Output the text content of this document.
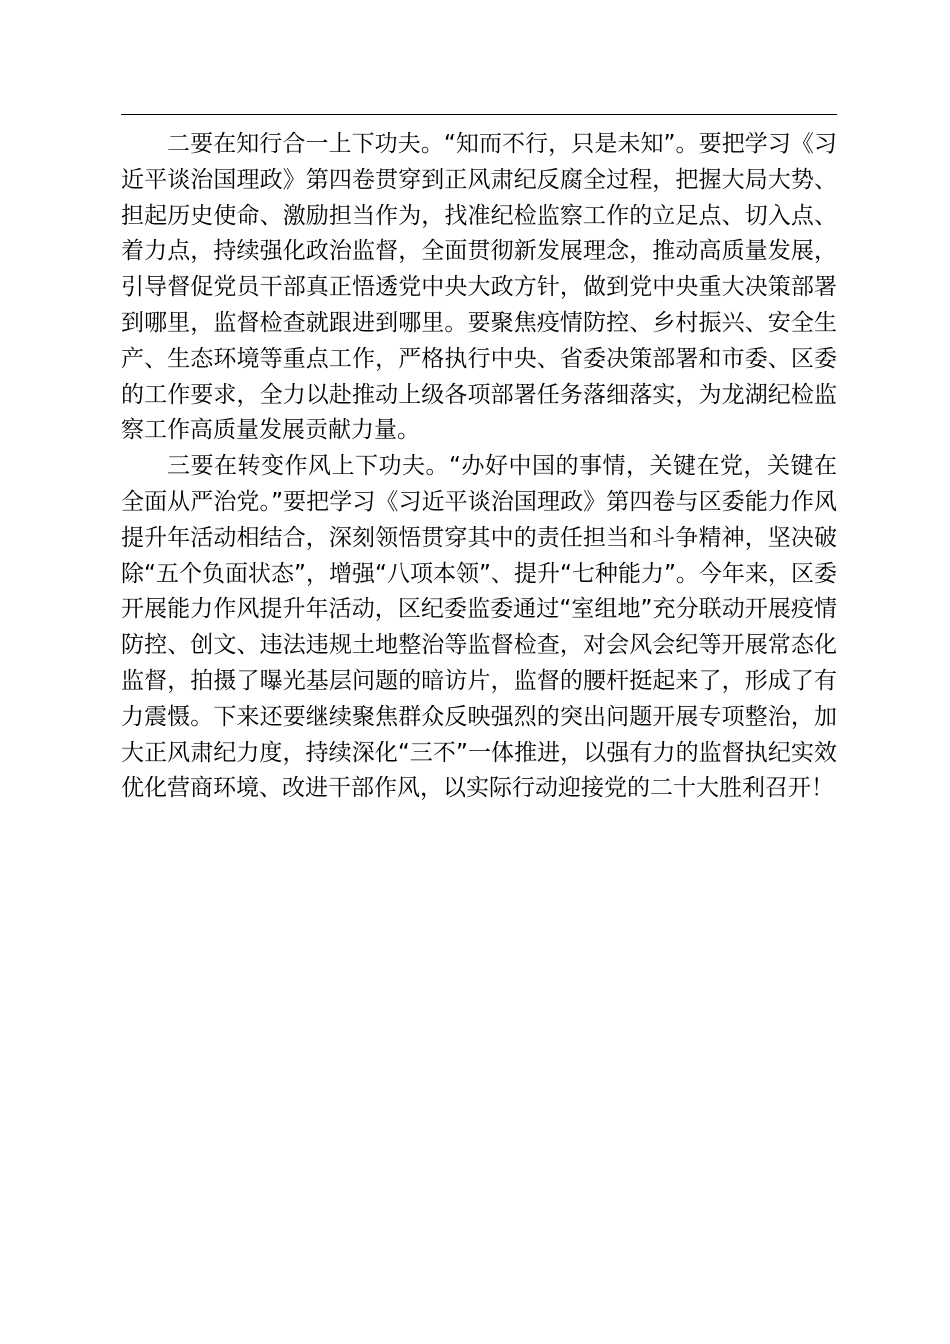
二要在知行合一上下功夫。“知而不行，只是未知”。要把学习《习近平谈治国理政》第四卷贯穿到正风肃纪反腐全过程，把握大局大势、担起历史使命、激励担当作为，找准纪检监察工作的立足点、切入点、着力点，持续强化政治监督，全面贯彻新发展理念，推动高质量发展，引导督促党员干部真正悟透党中央大政方针，做到党中央重大决策部署到哪里，监督检查就跟进到哪里。要聚焦疫情防控、乡村振兴、安全生产、生态环境等重点工作，严格执行中央、省委决策部署和市委、区委的工作要求，全力以赴推动上级各项部署任务落细落实，为龙湖纪检监察工作高质量发展贡献力量。

三要在转变作风上下功夫。“办好中国的事情，关键在党，关键在全面从严治党。”要把学习《习近平谈治国理政》第四卷与区委能力作风提升年活动相结合，深刻领悟贯穿其中的责任担当和斗争精神，坚决破除“五个负面状态”，增强“八项本领”、提升“七种能力”。今年来，区委开展能力作风提升年活动，区纪委监委通过“室组地”充分联动开展疫情防控、创文、违法违规土地整治等监督检查，对会风会纪等开展常态化监督，拍摄了曝光基层问题的暗访片，监督的腰杆挺起来了，形成了有力震慑。下来还要继续聚焦群众反映强烈的突出问题开展专项整治，加大正风肃纪力度，持续深化“三不”一体推进，以强有力的监督执纪实效优化营商环境、改进干部作风，以实际行动迎接党的二十大胜利召开！
